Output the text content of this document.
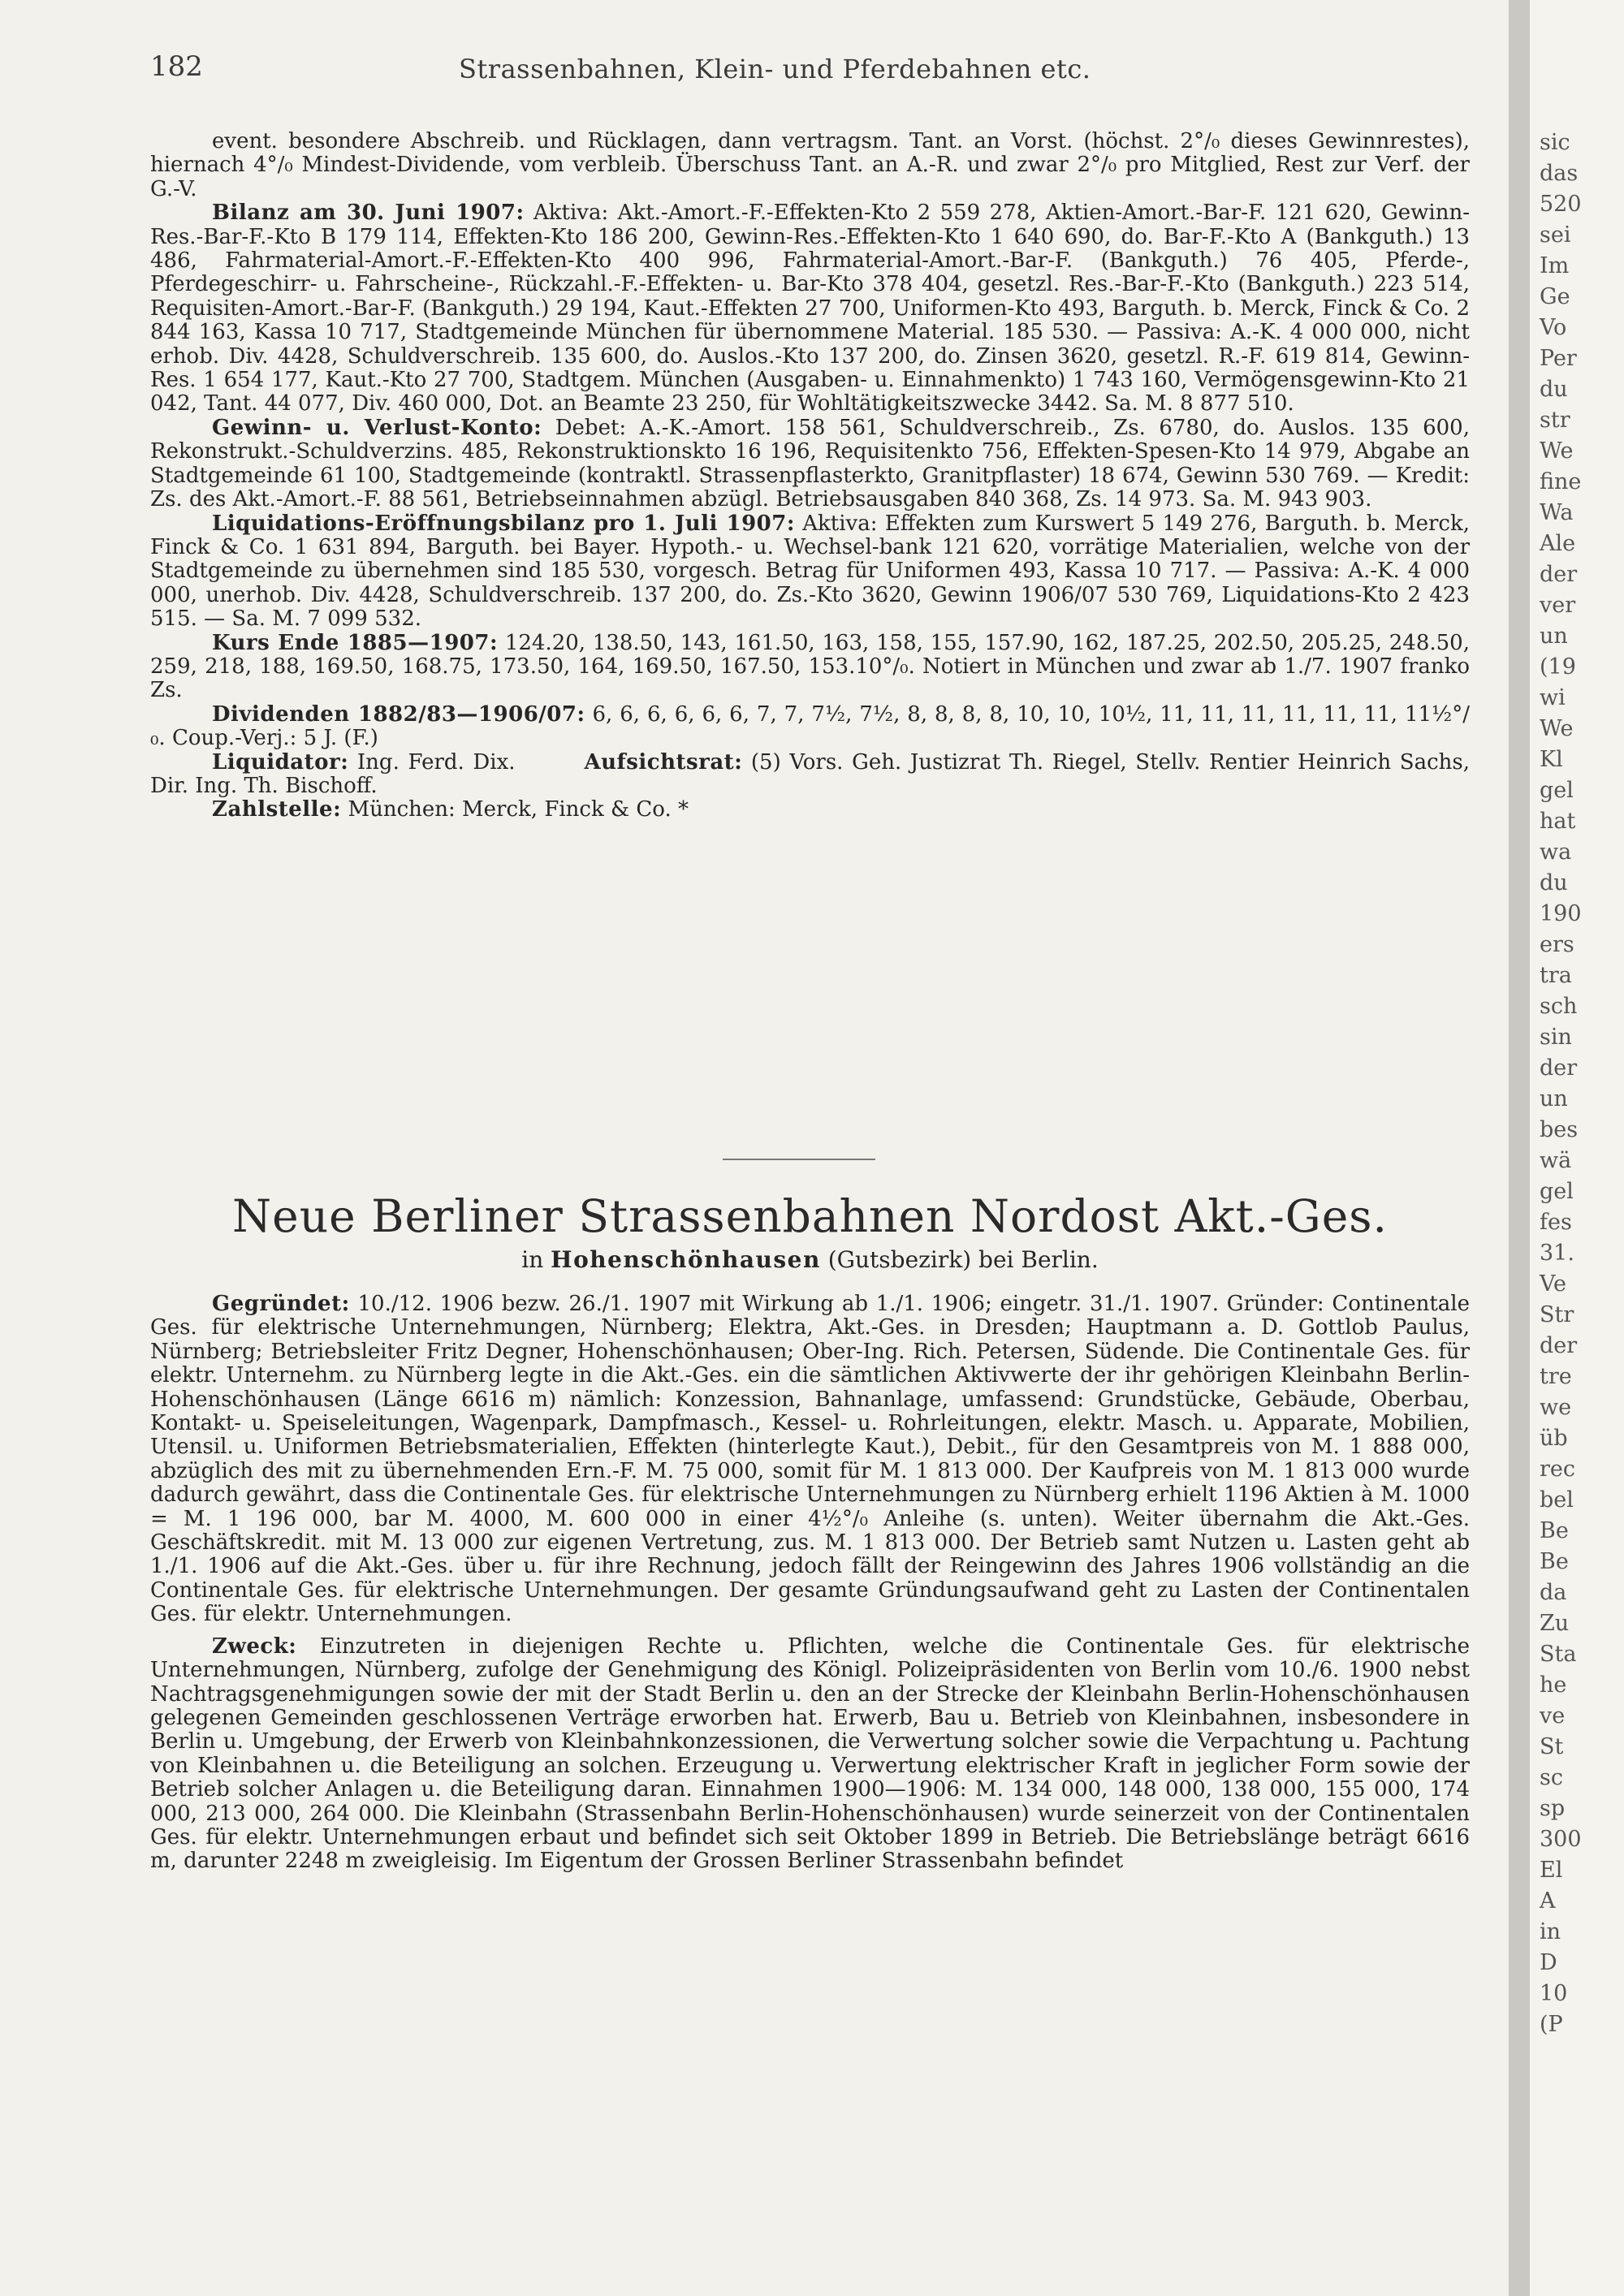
182	Strassenbahnen, Klein- und Pferdebahnen etc.

event. besondere Abschreib. und Rücklagen, dann vertragsm. Tant. an Vorst. (höchst. 2°/₀ dieses Gewinnrestes), hiernach 4°/₀ Mindest-Dividende, vom verbleib. Überschuss Tant. an A.-R. und zwar 2°/₀ pro Mitglied, Rest zur Verf. der G.-V.

Bilanz am 30. Juni 1907: Aktiva: Akt.-Amort.-F.-Effekten-Kto 2 559 278, Aktien-Amort.-Bar-F. 121 620, Gewinn-Res.-Bar-F.-Kto B 179 114, Effekten-Kto 186 200, Gewinn-Res.-Effekten-Kto 1 640 690, do. Bar-F.-Kto A (Bankguth.) 13 486, Fahrmaterial-Amort.-F.-Effekten-Kto 400 996, Fahrmaterial-Amort.-Bar-F. (Bankguth.) 76 405, Pferde-, Pferdegeschirr- u. Fahrscheine-, Rückzahl.-F.-Effekten- u. Bar-Kto 378 404, gesetzl. Res.-Bar-F.-Kto (Bankguth.) 223 514, Requisiten-Amort.-Bar-F. (Bankguth.) 29 194, Kaut.-Effekten 27 700, Uniformen-Kto 493, Barguth. b. Merck, Finck & Co. 2 844 163, Kassa 10 717, Stadtgemeinde München für übernommene Material. 185 530. — Passiva: A.-K. 4 000 000, nicht erhob. Div. 4428, Schuldverschreib. 135 600, do. Auslos.-Kto 137 200, do. Zinsen 3620, gesetzl. R.-F. 619 814, Gewinn-Res. 1 654 177, Kaut.-Kto 27 700, Stadtgem. München (Ausgaben- u. Einnahmenkto) 1 743 160, Vermögensgewinn-Kto 21 042, Tant. 44 077, Div. 460 000, Dot. an Beamte 23 250, für Wohltätigkeitszwecke 3442. Sa. M. 8 877 510.

Gewinn- u. Verlust-Konto: Debet: A.-K.-Amort. 158 561, Schuldverschreib., Zs. 6780, do. Auslos. 135 600, Rekonstrukt.-Schuldverzins. 485, Rekonstruktionskto 16 196, Requisitenkto 756, Effekten-Spesen-Kto 14 979, Abgabe an Stadtgemeinde 61 100, Stadtgemeinde (kontraktl. Strassenpflasterkto, Granitpflaster) 18 674, Gewinn 530 769. — Kredit: Zs. des Akt.-Amort.-F. 88 561, Betriebseinnahmen abzügl. Betriebsausgaben 840 368, Zs. 14 973. Sa. M. 943 903.

Liquidations-Eröffnungsbilanz pro 1. Juli 1907: Aktiva: Effekten zum Kurswert 5 149 276, Barguth. b. Merck, Finck & Co. 1 631 894, Barguth. bei Bayer. Hypoth.- u. Wechsel-bank 121 620, vorrätige Materialien, welche von der Stadtgemeinde zu übernehmen sind 185 530, vorgesch. Betrag für Uniformen 493, Kassa 10 717. — Passiva: A.-K. 4 000 000, unerhob. Div. 4428, Schuldverschreib. 137 200, do. Zs.-Kto 3620, Gewinn 1906/07 530 769, Liquidations-Kto 2 423 515. — Sa. M. 7 099 532.

Kurs Ende 1885—1907: 124.20, 138.50, 143, 161.50, 163, 158, 155, 157.90, 162, 187.25, 202.50, 205.25, 248.50, 259, 218, 188, 169.50, 168.75, 173.50, 164, 169.50, 167.50, 153.10°/₀. Notiert in München und zwar ab 1./7. 1907 franko Zs.

Dividenden 1882/83—1906/07: 6, 6, 6, 6, 6, 6, 7, 7, 7½, 7½, 8, 8, 8, 8, 10, 10, 10½, 11, 11, 11, 11, 11, 11, 11½°/₀. Coup.-Verj.: 5 J. (F.)

Liquidator: Ing. Ferd. Dix.	Aufsichtsrat: (5) Vors. Geh. Justizrat Th. Riegel, Stellv. Rentier Heinrich Sachs, Dir. Ing. Th. Bischoff.

Zahlstelle: München: Merck, Finck & Co. *

Neue Berliner Strassenbahnen Nordost Akt.-Ges.
in Hohenschönhausen (Gutsbezirk) bei Berlin.

Gegründet: 10./12. 1906 bezw. 26./1. 1907 mit Wirkung ab 1./1. 1906; eingetr. 31./1. 1907. Gründer: Continentale Ges. für elektrische Unternehmungen, Nürnberg; Elektra, Akt.-Ges. in Dresden; Hauptmann a. D. Gottlob Paulus, Nürnberg; Betriebsleiter Fritz Degner, Hohenschönhausen; Ober-Ing. Rich. Petersen, Südende. Die Continentale Ges. für elektr. Unternehm. zu Nürnberg legte in die Akt.-Ges. ein die sämtlichen Aktivwerte der ihr gehörigen Kleinbahn Berlin-Hohenschönhausen (Länge 6616 m) nämlich: Konzession, Bahnanlage, umfassend: Grundstücke, Gebäude, Oberbau, Kontakt- u. Speiseleitungen, Wagenpark, Dampfmasch., Kessel- u. Rohrleitungen, elektr. Masch. u. Apparate, Mobilien, Utensil. u. Uniformen Betriebsmaterialien, Effekten (hinterlegte Kaut.), Debit., für den Gesamtpreis von M. 1 888 000, abzüglich des mit zu übernehmenden Ern.-F. M. 75 000, somit für M. 1 813 000. Der Kaufpreis von M. 1 813 000 wurde dadurch gewährt, dass die Continentale Ges. für elektrische Unternehmungen zu Nürnberg erhielt 1196 Aktien à M. 1000 = M. 1 196 000, bar M. 4000, M. 600 000 in einer 4½°/₀ Anleihe (s. unten). Weiter übernahm die Akt.-Ges. Geschäftskredit. mit M. 13 000 zur eigenen Vertretung, zus. M. 1 813 000. Der Betrieb samt Nutzen u. Lasten geht ab 1./1. 1906 auf die Akt.-Ges. über u. für ihre Rechnung, jedoch fällt der Reingewinn des Jahres 1906 vollständig an die Continentale Ges. für elektrische Unternehmungen. Der gesamte Gründungsaufwand geht zu Lasten der Continentalen Ges. für elektr. Unternehmungen.

Zweck: Einzutreten in diejenigen Rechte u. Pflichten, welche die Continentale Ges. für elektrische Unternehmungen, Nürnberg, zufolge der Genehmigung des Königl. Polizeipräsidenten von Berlin vom 10./6. 1900 nebst Nachtragsgenehmigungen sowie der mit der Stadt Berlin u. den an der Strecke der Kleinbahn Berlin-Hohenschönhausen gelegenen Gemeinden geschlossenen Verträge erworben hat. Erwerb, Bau u. Betrieb von Kleinbahnen, insbesondere in Berlin u. Umgebung, der Erwerb von Kleinbahnkonzessionen, die Verwertung solcher sowie die Verpachtung u. Pachtung von Kleinbahnen u. die Beteiligung an solchen. Erzeugung u. Verwertung elektrischer Kraft in jeglicher Form sowie der Betrieb solcher Anlagen u. die Beteiligung daran. Einnahmen 1900—1906: M. 134 000, 148 000, 138 000, 155 000, 174 000, 213 000, 264 000. Die Kleinbahn (Strassenbahn Berlin-Hohenschönhausen) wurde seinerzeit von der Continentalen Ges. für elektr. Unternehmungen erbaut und befindet sich seit Oktober 1899 in Betrieb. Die Betriebslänge beträgt 6616 m, darunter 2248 m zweigleisig. Im Eigentum der Grossen Berliner Strassenbahn befindet

sic
das
520
sei
Im
Ge
Vo
Per
du
str
We
fine
Wa
Ale
der
ver
un
(19
wi
We
Kl
gel
hat
wa
du
190
ers
tra
sch
sin
der
un
bes
wä
gel
fes
31.
Ve
Str
der
tre
we
üb
rec
bel
Be
Be
da
Zu
Sta
he
ve
St
sc
sp
300
El
A
in
D
10
(P
